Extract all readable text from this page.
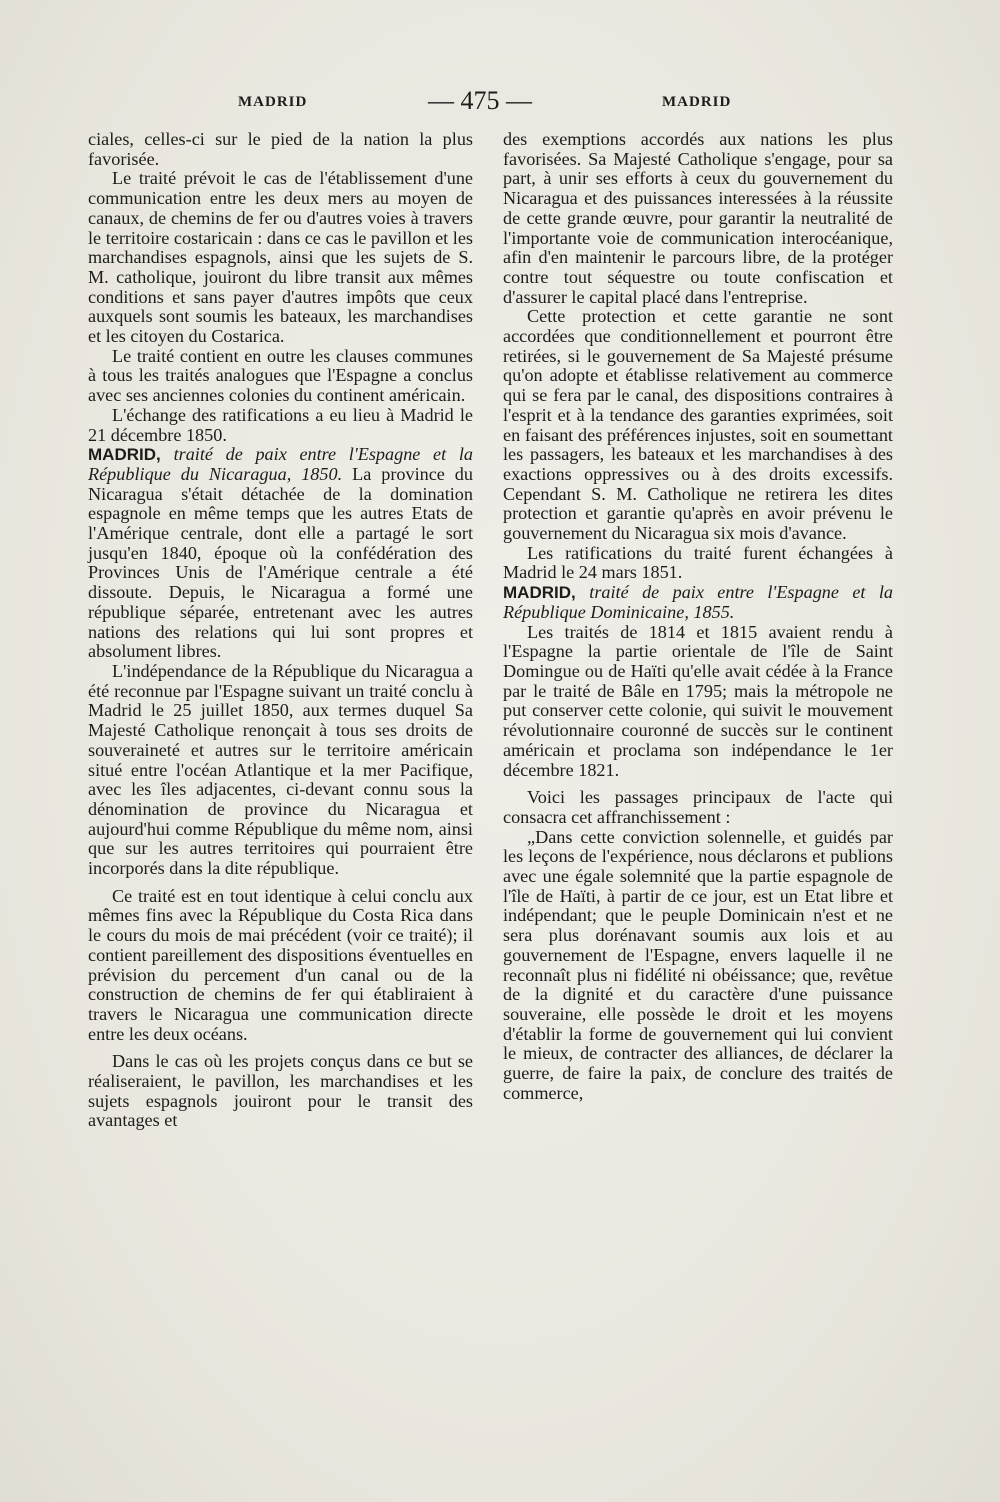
MADRID	— 475 —	MADRID

ciales, celles-ci sur le pied de la nation la plus favorisée.

Le traité prévoit le cas de l'établissement d'une communication entre les deux mers au moyen de canaux, de chemins de fer ou d'autres voies à travers le territoire costaricain : dans ce cas le pavillon et les marchandises espagnols, ainsi que les sujets de S. M. catholique, jouiront du libre transit aux mêmes conditions et sans payer d'autres impôts que ceux auxquels sont soumis les bateaux, les marchandises et les citoyen du Costarica.

Le traité contient en outre les clauses communes à tous les traités analogues que l'Espagne a conclus avec ses anciennes colonies du continent américain.

L'échange des ratifications a eu lieu à Madrid le 21 décembre 1850.

MADRID, traité de paix entre l'Espagne et la République du Nicaragua, 1850. La province du Nicaragua s'était détachée de la domination espagnole en même temps que les autres Etats de l'Amérique centrale, dont elle a partagé le sort jusqu'en 1840, époque où la confédération des Provinces Unis de l'Amérique centrale a été dissoute. Depuis, le Nicaragua a formé une république séparée, entretenant avec les autres nations des relations qui lui sont propres et absolument libres.

L'indépendance de la République du Nicaragua a été reconnue par l'Espagne suivant un traité conclu à Madrid le 25 juillet 1850, aux termes duquel Sa Majesté Catholique renonçait à tous ses droits de souveraineté et autres sur le territoire américain situé entre l'océan Atlantique et la mer Pacifique, avec les îles adjacentes, ci-devant connu sous la dénomination de province du Nicaragua et aujourd'hui comme République du même nom, ainsi que sur les autres territoires qui pourraient être incorporés dans la dite république.

Ce traité est en tout identique à celui conclu aux mêmes fins avec la République du Costa Rica dans le cours du mois de mai précédent (voir ce traité); il contient pareillement des dispositions éventuelles en prévision du percement d'un canal ou de la construction de chemins de fer qui établiraient à travers le Nicaragua une communication directe entre les deux océans.

Dans le cas où les projets conçus dans ce but se réaliseraient, le pavillon, les marchandises et les sujets espagnols jouiront pour le transit des avantages et

des exemptions accordés aux nations les plus favorisées. Sa Majesté Catholique s'engage, pour sa part, à unir ses efforts à ceux du gouvernement du Nicaragua et des puissances interessées à la réussite de cette grande œuvre, pour garantir la neutralité de l'importante voie de communication interocéanique, afin d'en maintenir le parcours libre, de la protéger contre tout séquestre ou toute confiscation et d'assurer le capital placé dans l'entreprise.

Cette protection et cette garantie ne sont accordées que conditionnellement et pourront être retirées, si le gouvernement de Sa Majesté présume qu'on adopte et établisse relativement au commerce qui se fera par le canal, des dispositions contraires à l'esprit et à la tendance des garanties exprimées, soit en faisant des préférences injustes, soit en soumettant les passagers, les bateaux et les marchandises à des exactions oppressives ou à des droits excessifs. Cependant S. M. Catholique ne retirera les dites protection et garantie qu'après en avoir prévenu le gouvernement du Nicaragua six mois d'avance.

Les ratifications du traité furent échangées à Madrid le 24 mars 1851.

MADRID, traité de paix entre l'Espagne et la République Dominicaine, 1855.

Les traités de 1814 et 1815 avaient rendu à l'Espagne la partie orientale de l'île de Saint Domingue ou de Haïti qu'elle avait cédée à la France par le traité de Bâle en 1795; mais la métropole ne put conserver cette colonie, qui suivit le mouvement révolutionnaire couronné de succès sur le continent américain et proclama son indépendance le 1er décembre 1821.

Voici les passages principaux de l'acte qui consacra cet affranchissement :

„Dans cette conviction solennelle, et guidés par les leçons de l'expérience, nous déclarons et publions avec une égale solemnité que la partie espagnole de l'île de Haïti, à partir de ce jour, est un Etat libre et indépendant; que le peuple Dominicain n'est et ne sera plus dorénavant soumis aux lois et au gouvernement de l'Espagne, envers laquelle il ne reconnaît plus ni fidélité ni obéissance; que, revêtue de la dignité et du caractère d'une puissance souveraine, elle possède le droit et les moyens d'établir la forme de gouvernement qui lui convient le mieux, de contracter des alliances, de déclarer la guerre, de faire la paix, de conclure des traités de commerce,
